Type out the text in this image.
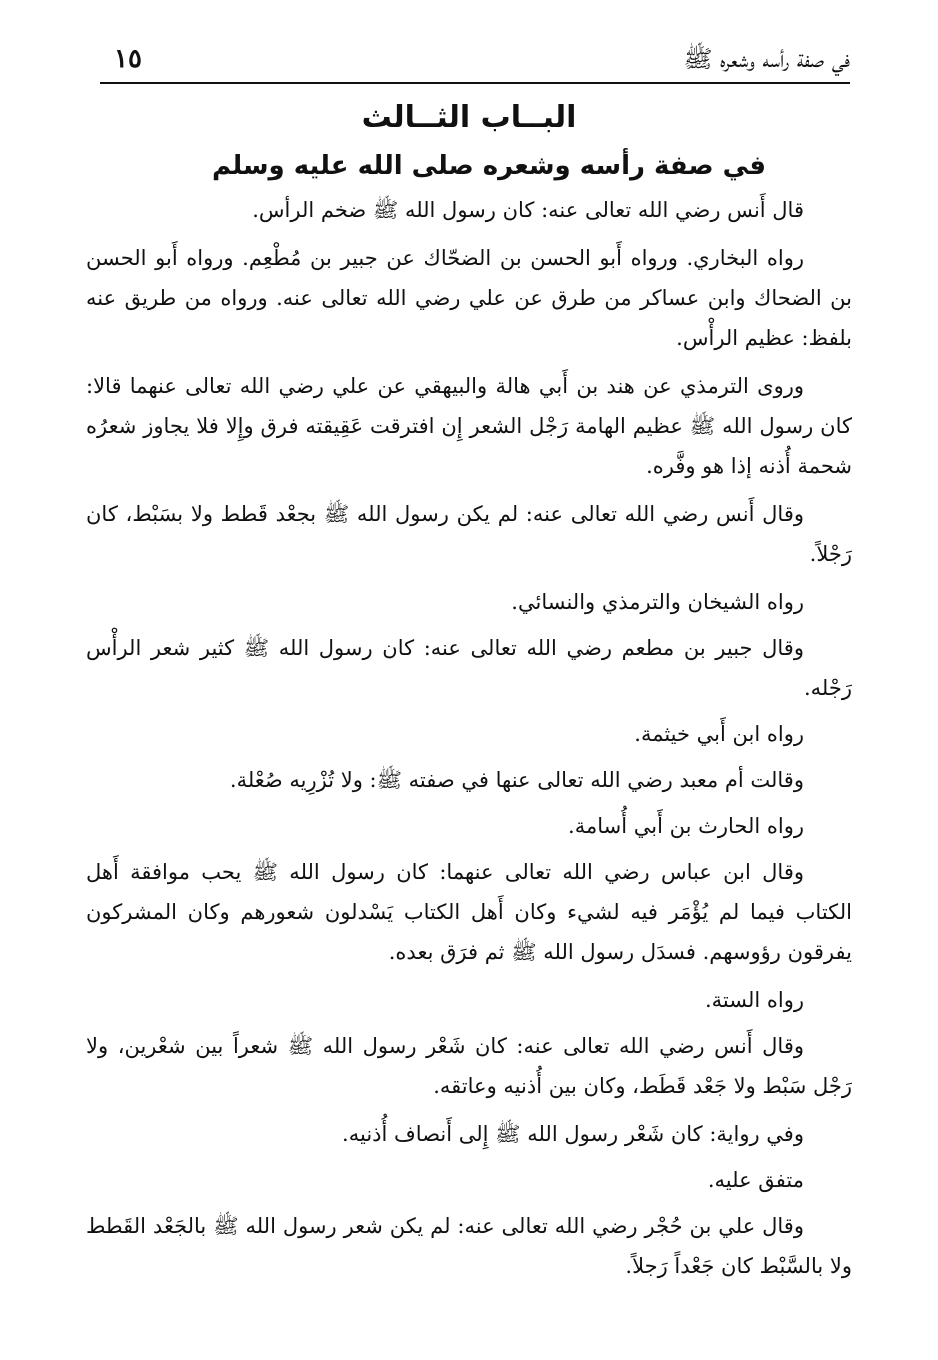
في صفة رأسه وشعره ﷺ
١٥
البــاب الثــالث
في صفة رأسه وشعره صلى الله عليه وسلم

قال أَنس رضي الله تعالى عنه: كان رسول الله ﷺ ضخم الرأس.

رواه البخاري. ورواه أَبو الحسن بن الضحّاك عن جبير بن مُطْعِم. ورواه أَبو الحسن بن الضحاك وابن عساكر من طرق عن علي رضي الله تعالى عنه. ورواه من طريق عنه بلفظ: عظيم الرأْس.

وروى الترمذي عن هند بن أَبي هالة والبيهقي عن علي رضي الله تعالى عنهما قالا: كان رسول الله ﷺ عظيم الهامة رَجْل الشعر إِن افترقت عَقِيقته فرق وإِلا فلا يجاوز شعرُه شحمة أُذنه إذا هو وفَّره.

وقال أَنس رضي الله تعالى عنه: لم يكن رسول الله ﷺ بجعْد قَطط ولا بسَبْط، كان رَجْلاً.

رواه الشيخان والترمذي والنسائي.

وقال جبير بن مطعم رضي الله تعالى عنه: كان رسول الله ﷺ كثير شعر الرأْس رَجْله.

رواه ابن أَبي خيثمة.

وقالت أم معبد رضي الله تعالى عنها في صفته ﷺ: ولا تُزْرِيه صُعْلة.

رواه الحارث بن أَبي أُسامة.

وقال ابن عباس رضي الله تعالى عنهما: كان رسول الله ﷺ يحب موافقة أَهل الكتاب فيما لم يُؤْمَر فيه لشيء وكان أَهل الكتاب يَسْدلون شعورهم وكان المشركون يفرقون رؤوسهم. فسدَل رسول الله ﷺ ثم فرَق بعده.

رواه الستة.

وقال أَنس رضي الله تعالى عنه: كان شَعْر رسول الله ﷺ شعراً بين شعْرين، ولا رَجْل سَبْط ولا جَعْد قَطَط، وكان بين أُذنيه وعاتقه.

وفي رواية: كان شَعْر رسول الله ﷺ إِلى أَنصاف أُذنيه.

متفق عليه.

وقال علي بن حُجْر رضي الله تعالى عنه: لم يكن شعر رسول الله ﷺ بالجَعْد القَطط ولا بالسَّبْط كان جَعْداً رَجلاً.
